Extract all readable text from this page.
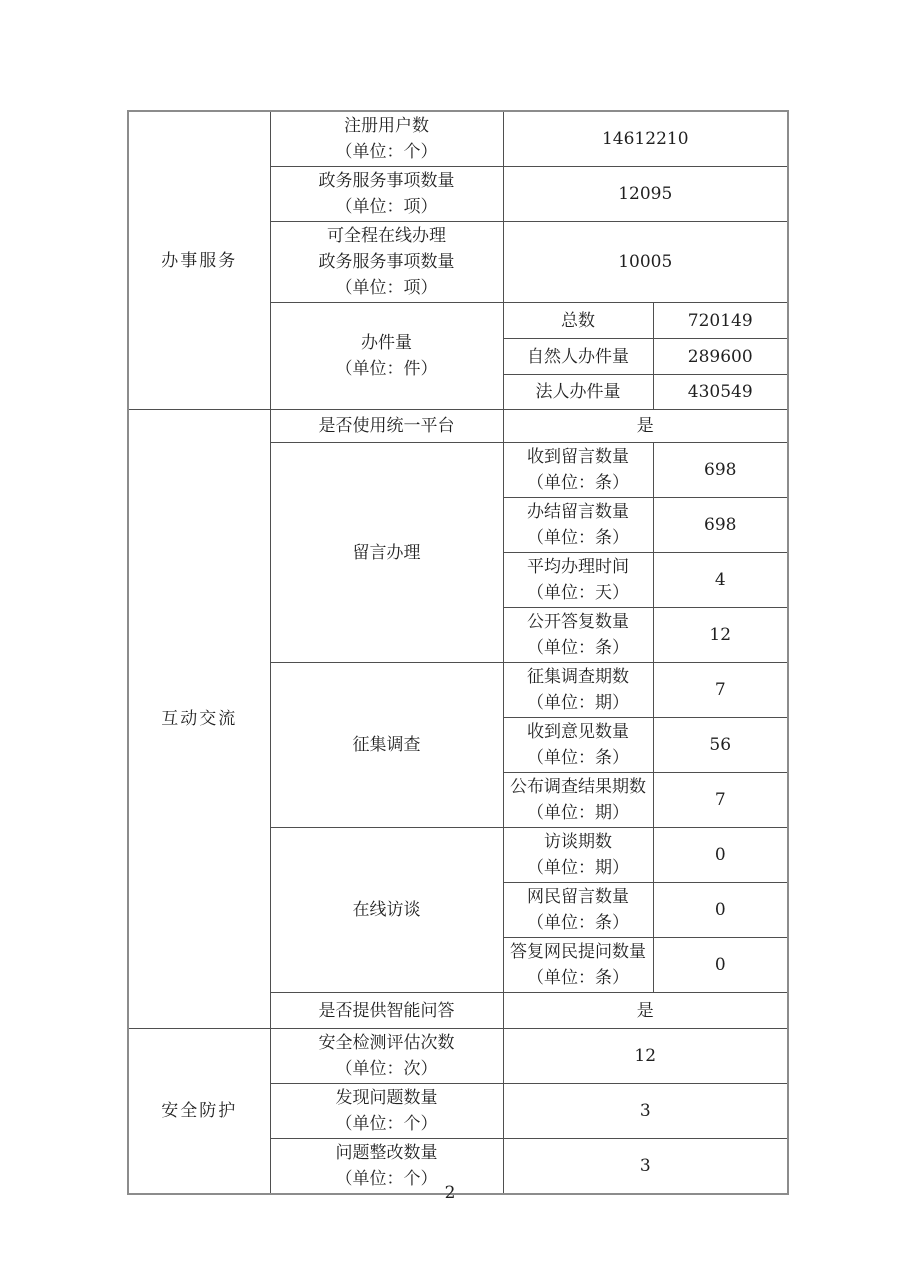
办事服务	注册用户数
（单位：个）	14612210	

	政务服务事项数量
（单位：项）	12095	

	可全程在线办理
政务服务事项数量
（单位：项）	10005	

	办件量
（单位：件）	总数	720149
		自然人办件量	289600
		法人办件量	430549
互动交流	是否使用统一平台	是	
	留言办理	收到留言数量
（单位：条）	698

		办结留言数量
（单位：条）	698

		平均办理时间
（单位：天）	4

		公开答复数量
（单位：条）	12
	征集调查	征集调查期数
（单位：期）	7

		收到意见数量
（单位：条）	56

		公布调查结果期数
（单位：期）	7
	在线访谈	访谈期数
（单位：期）	0

		网民留言数量
（单位：条）	0

		答复网民提问数量
（单位：条）	0
	是否提供智能问答	是	
安全防护	安全检测评估次数
（单位：次）	12	

	发现问题数量
（单位：个）	3	

	问题整改数量
（单位：个）	3	
2
